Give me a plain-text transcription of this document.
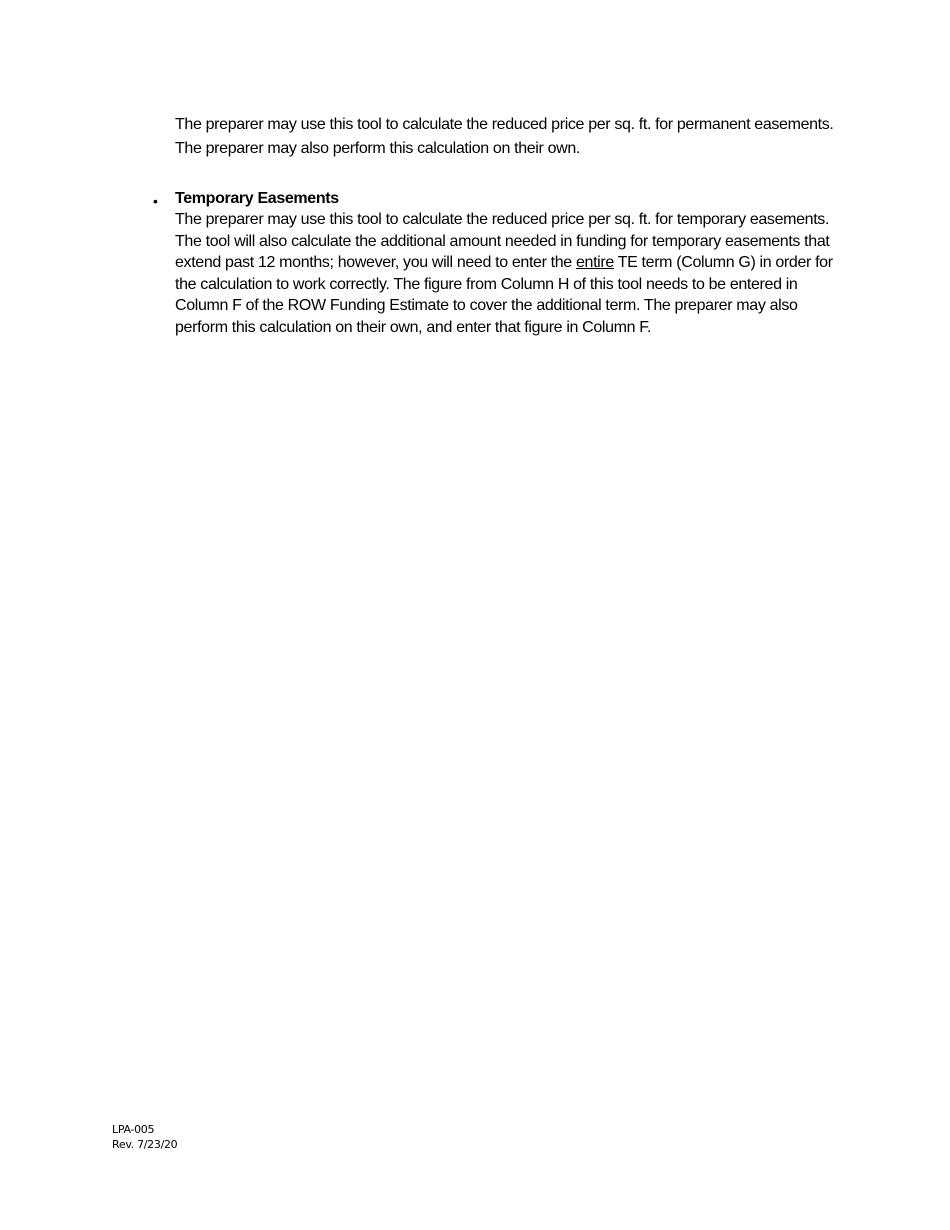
The preparer may use this tool to calculate the reduced price per sq. ft. for permanent easements.
The preparer may also perform this calculation on their own.

• Temporary Easements

The preparer may use this tool to calculate the reduced price per sq. ft. for temporary easements. The tool will also calculate the additional amount needed in funding for temporary easements that extend past 12 months; however, you will need to enter the entire TE term (Column G) in order for the calculation to work correctly. The figure from Column H of this tool needs to be entered in Column F of the ROW Funding Estimate to cover the additional term. The preparer may also perform this calculation on their own, and enter that figure in Column F.

LPA-005
Rev. 7/23/20
